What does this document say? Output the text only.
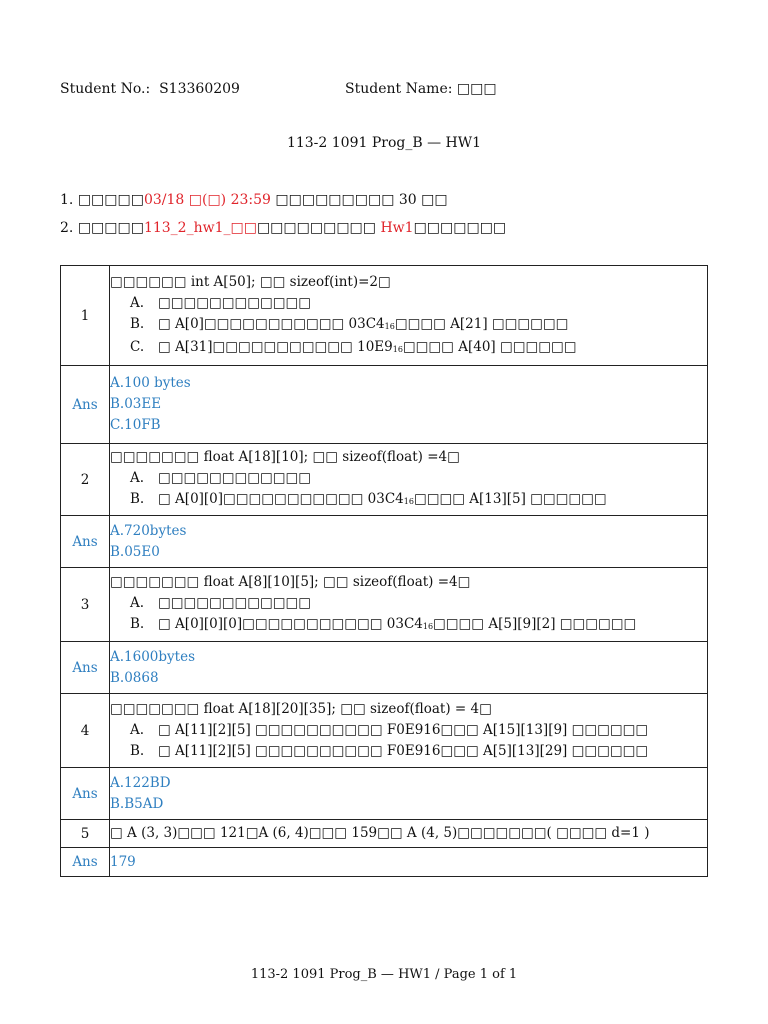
Student No.: S13360209	Student Name: □□□
113-2 1091 Prog_B — HW1
1. □□□□□03/18 □(□) 23:59 □□□□□□□□□ 30 □□
2. □□□□□113_2_hw1_□□□□□□□□□□□ Hw1□□□□□□□
1	□□□□□□ int A[50]; □□ sizeof(int)=2□
A. □□□□□□□□□□□□
B. □ A[0]□□□□□□□□□□□ $03C4_{16}□□□□$ A[21] □□□□□□
C. □ A[31]□□□□□□□□□□□ $10E9_{16}□□□□$ A[40] □□□□□□

Ans	A.100 bytes
B.03EE
C.10FB

2	□□□□□□□ float A[18][10]; □□ sizeof(float) =4□
A. □□□□□□□□□□□□
B. □ A[0][0]□□□□□□□□□□□ $03C4_{16}□□□□$ A[13][5] □□□□□□

Ans	A.720bytes
B.05E0

3	□□□□□□□ float A[8][10][5]; □□ sizeof(float) =4□
A. □□□□□□□□□□□□
B. □ A[0][0][0]□□□□□□□□□□□ $03C4_{16}□□□□$ A[5][9][2] □□□□□□

Ans	A.1600bytes
B.0868

4	□□□□□□□ float A[18][20][35]; □□ sizeof(float) = 4□
A. □ A[11][2][5] □□□□□□□□□□ F0E916□□□ A[15][13][9] □□□□□□
B. □ A[11][2][5] □□□□□□□□□□ F0E916□□□ A[5][13][29] □□□□□□

Ans	A.122BD
B.B5AD

5	□ A (3, 3)□□□ 121□A (6, 4)□□□ 159□□ A (4, 5)□□□□□□□( □□□□ d=1 )

Ans	179
113-2 1091 Prog_B — HW1 / Page 1 of 1
